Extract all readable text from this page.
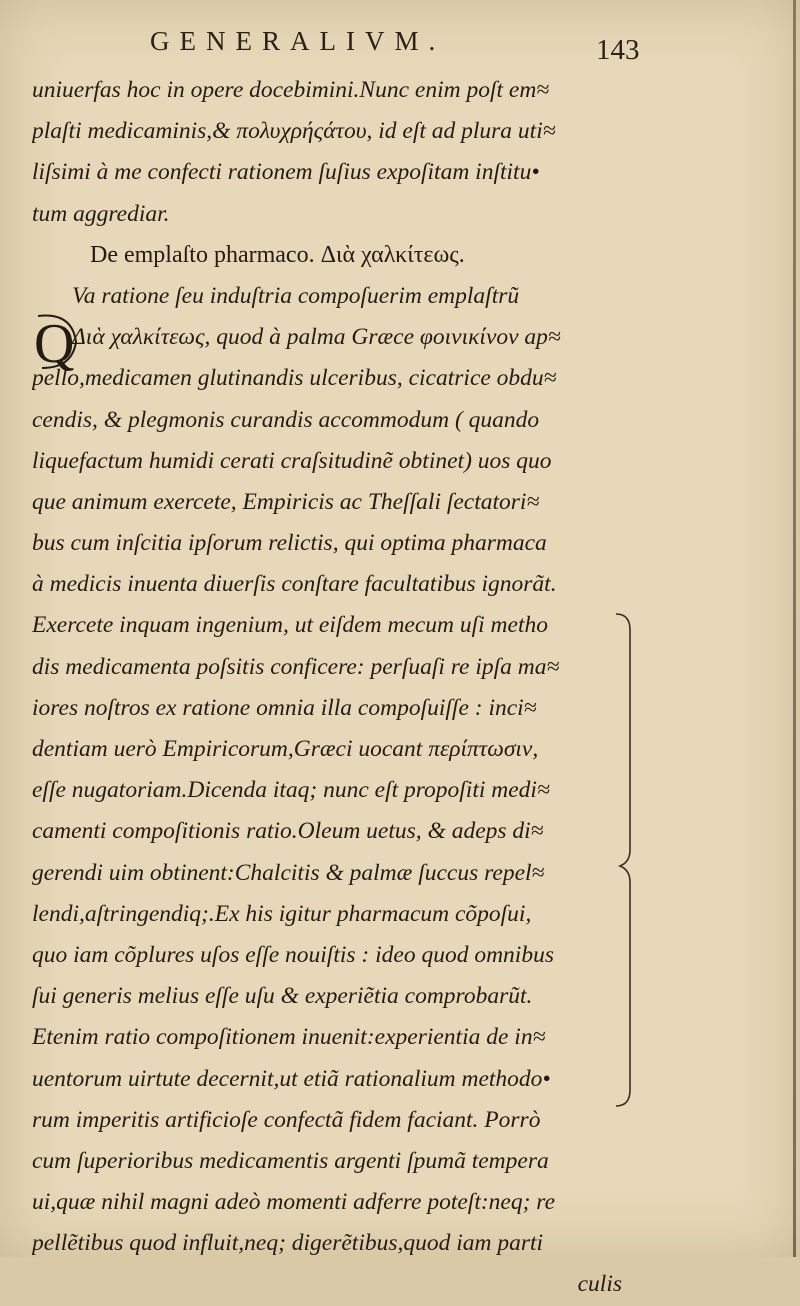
GENERALIVM.	143
Q
uniuerfas hoc in opere docebimini.Nunc enim poſt em≈
plaſti medicaminis,& πολυχρήςάτου, id eſt ad plura uti≈
liſsimi à me confecti rationem ſuſius expoſitam inſtitu•
tum aggrediar.
De emplaſto pharmaco. Διὰ χαλκίτεως.
Va ratione ſeu induſtria compoſuerim emplaſtrũ
Διὰ χαλκίτεως, quod à palma Græce φοινικίνον ap≈
pello,medicamen glutinandis ulceribus, cicatrice obdu≈
cendis, & plegmonis curandis accommodum ( quando
liquefactum humidi cerati craſsitudinẽ obtinet) uos quo
que animum exercete, Empiricis ac Theſſali ſectatori≈
bus cum inſcitia ipſorum relictis, qui optima pharmaca
à medicis inuenta diuerſis conſtare facultatibus ignorãt.
Exercete inquam ingenium, ut eiſdem mecum uſi metho
dis medicamenta poſsitis conficere: perſuaſi re ipſa ma≈
iores noſtros ex ratione omnia illa compoſuiſſe : inci≈
dentiam uerò Empiricorum,Græci uocant περίπτωσιν,
eſſe nugatoriam.Dicenda itaq; nunc eſt propoſiti medi≈
camenti compoſitionis ratio.Oleum uetus, & adeps di≈
gerendi uim obtinent:Chalcitis & palmæ ſuccus repel≈
lendi,aſtringendiq;.Ex his igitur pharmacum cõpoſui,
quo iam cõplures uſos eſſe nouiſtis : ideo quod omnibus
ſui generis melius eſſe uſu & experiẽtia comprobarũt.
Etenim ratio compoſitionem inuenit:experientia de in≈
uentorum uirtute decernit,ut etiã rationalium methodo•
rum imperitis artificioſe confectã fidem faciant. Porrò
cum ſuperioribus medicamentis argenti ſpumã tempera
ui,quæ nihil magni adeò momenti adferre poteſt:neq; re
pellẽtibus quod influit,neq; digerẽtibus,quod iam parti
culis
